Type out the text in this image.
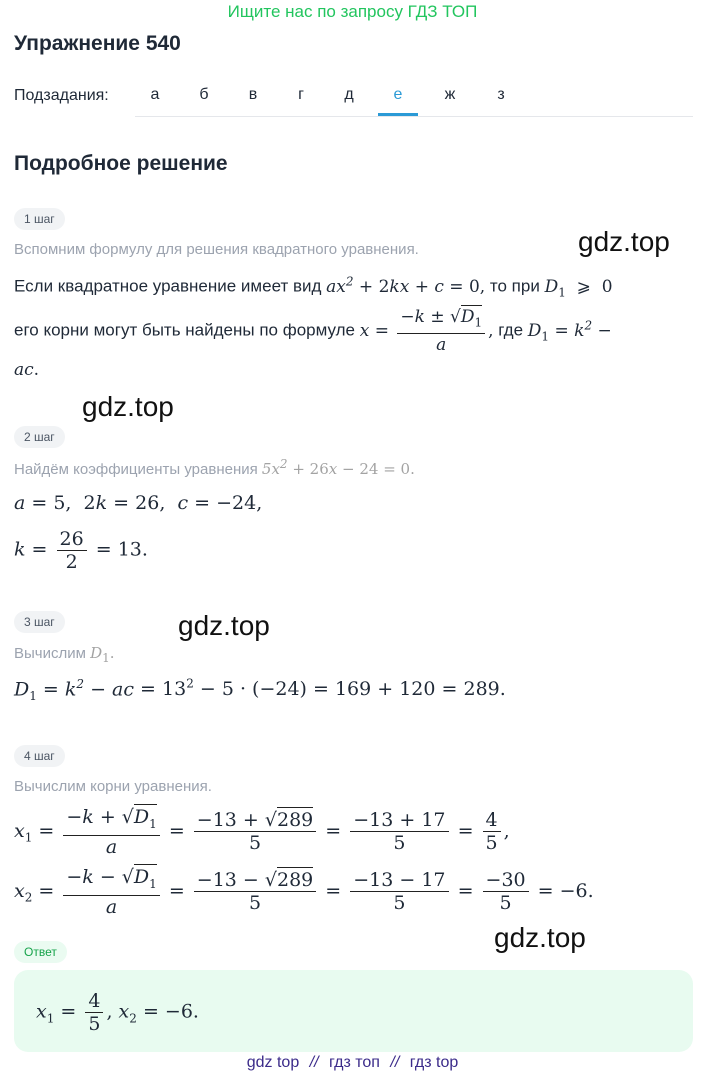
Ищите нас по запросу ГДЗ ТОП
Упражнение 540
Подзадания:	а	б	в	г	д	е	ж	з
Подробное решение
1 шаг
Вспомним формулу для решения квадратного уравнения.	gdz.top
Если квадратное уравнение имеет вид $ax^2 + 2kx + c = 0$, то при $D_1$  ⩾  0
его корни могут быть найдены по формуле $x = \frac{-k \pm √D_1}{a}$ , где $D_1 = k^2$ −
ac.
gdz.top
2 шаг
Найдём коэффициенты уравнения $5x^2 + 26x - 24 = 0$.
a = 5,  2k = 26,  c = −24,
$k = \frac{26}{2} = 13$.
gdz.top
3 шаг
Вычислим $D_1$.
$D_1 = k^2$ − ac = $13^2 - 5 \cdot (-24) = 169 + 120 = 289$.
4 шаг
Вычислим корни уравнения.
$x_1 = \frac{-k + √D_1}{a} = \frac{-13 + √289}{5} = \frac{-13 + 17}{5} = \frac{4}{5}$ ,
$x_2 = \frac{-k - √D_1}{a} = \frac{-13 - √289}{5} = \frac{-13 - 17}{5} = \frac{-30}{5} = -6$.
gdz.top
Ответ
$x_1 = \frac{4}{5}$ , $x_2 = -6$.
gdz top // гдз топ // гдз top
